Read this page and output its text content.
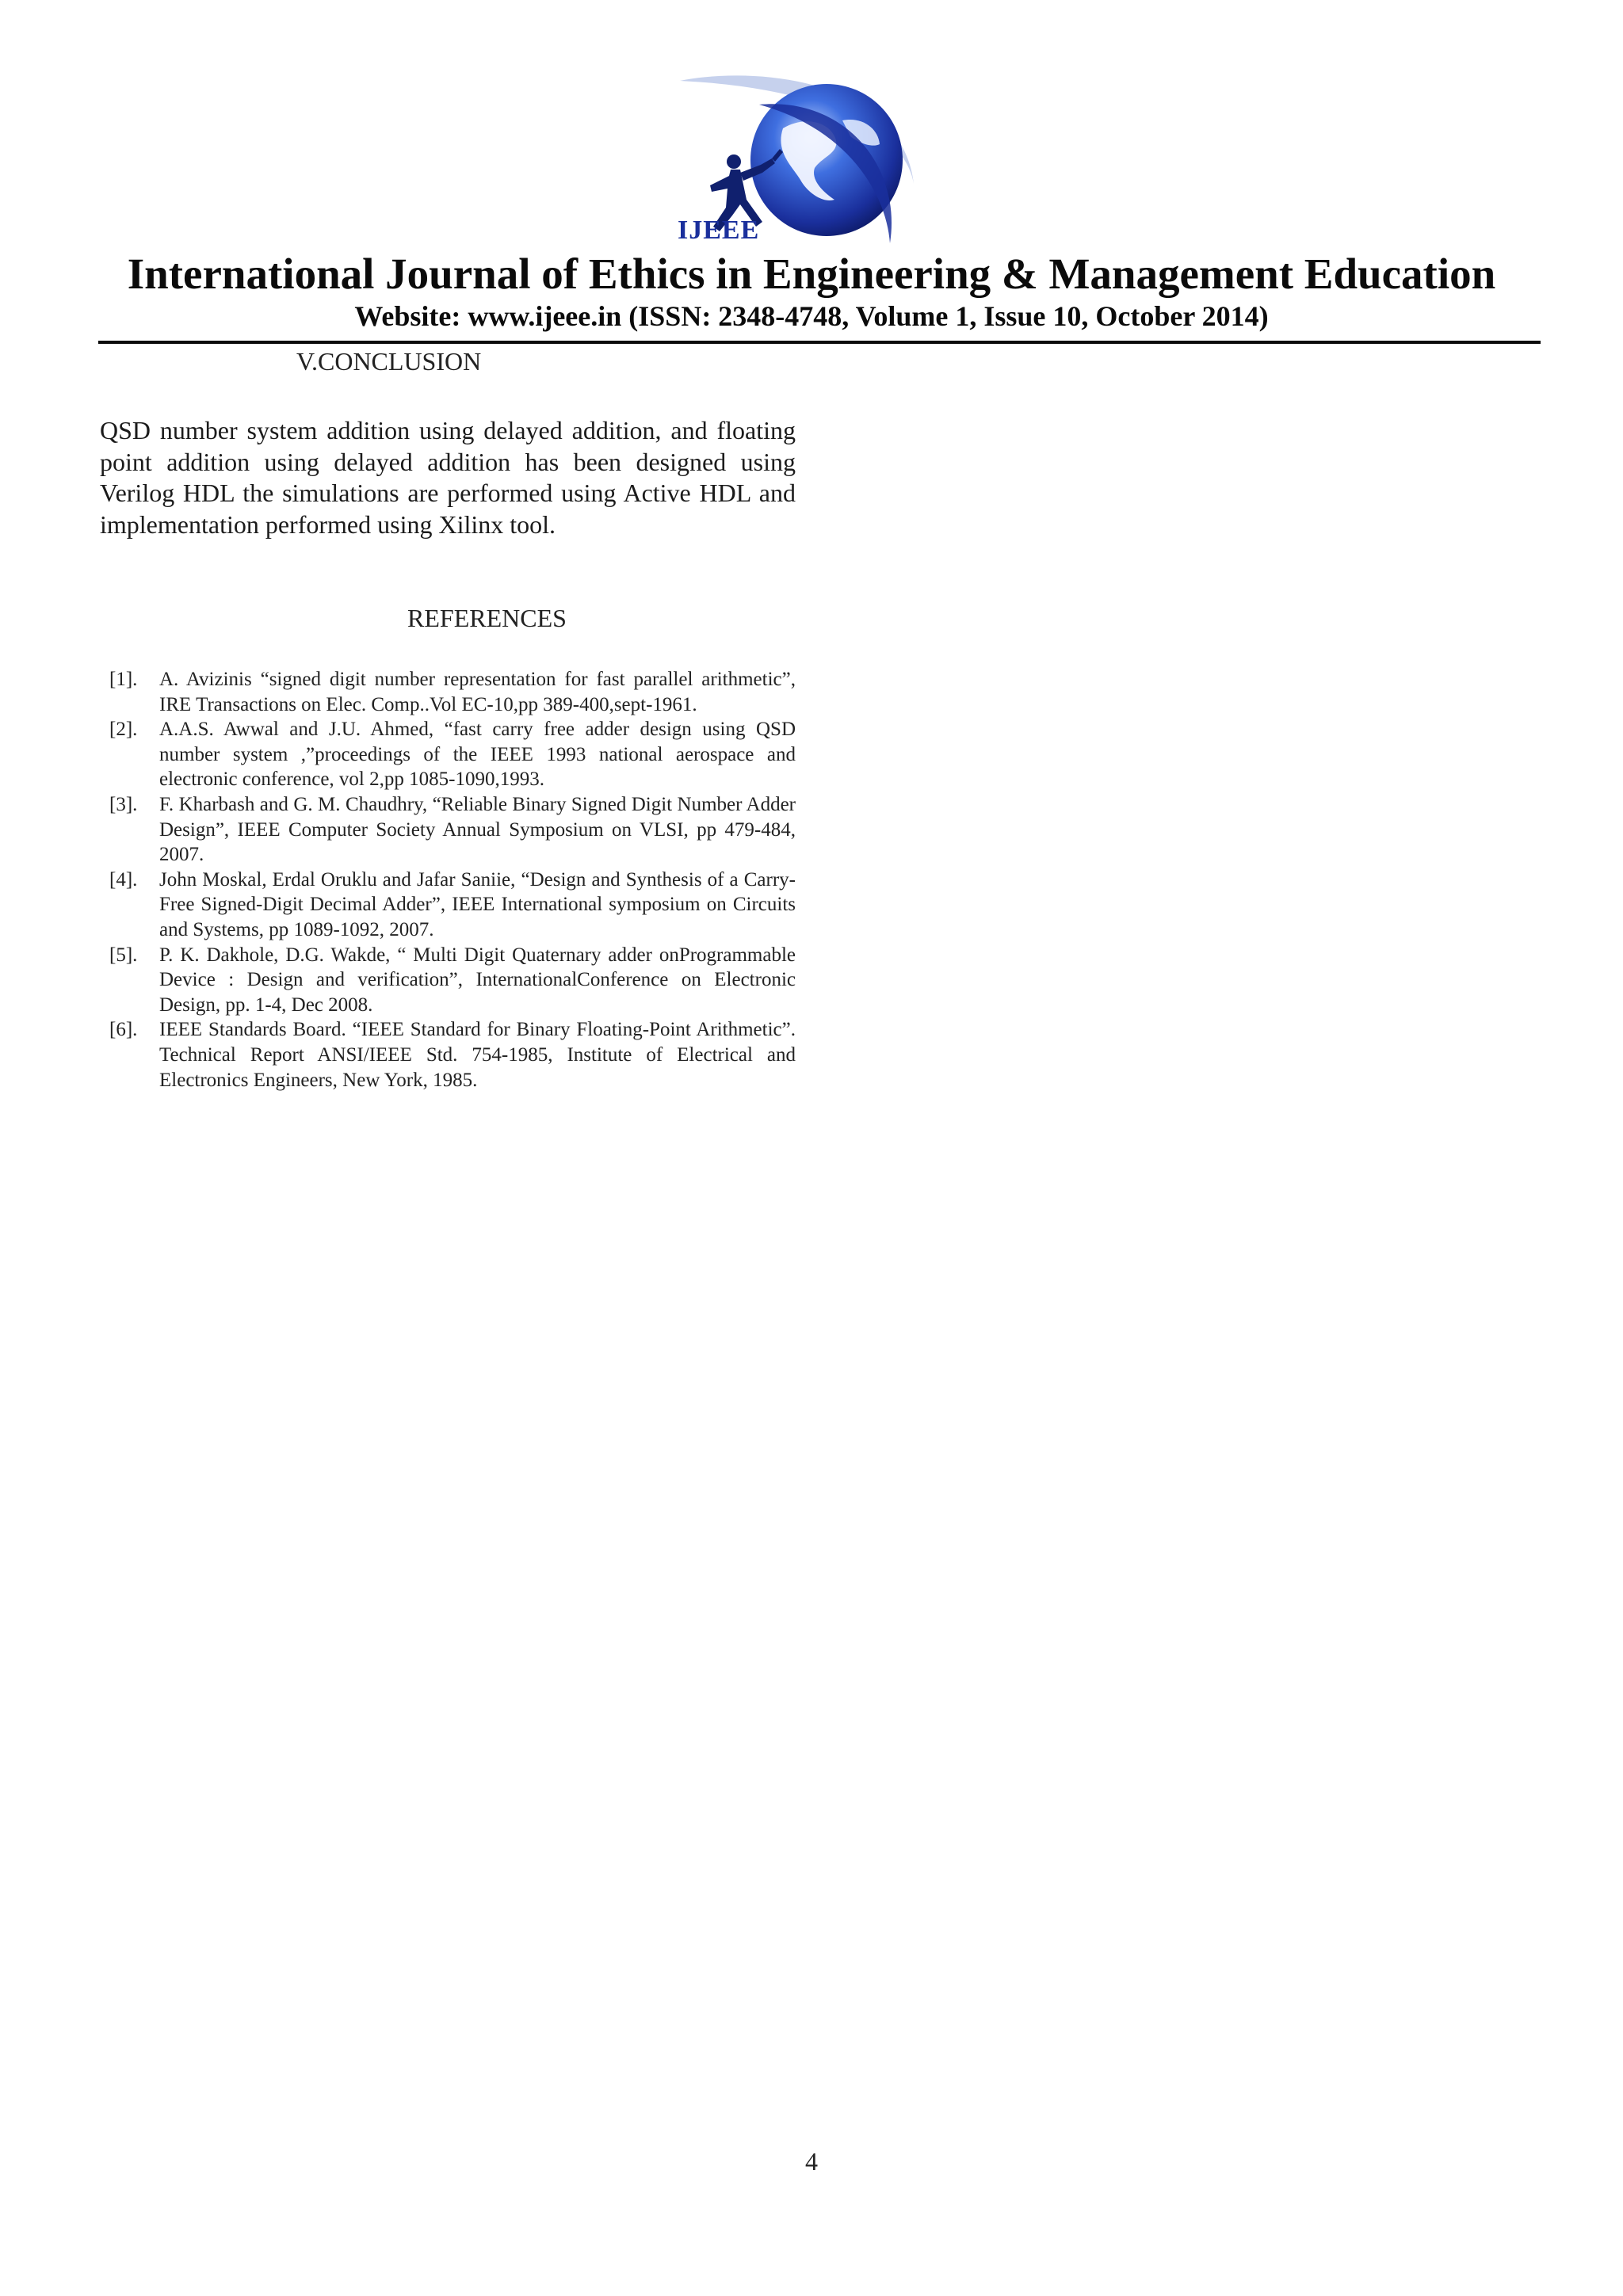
IJEEE
International Journal of Ethics in Engineering & Management Education
Website: www.ijeee.in (ISSN: 2348-4748, Volume 1, Issue 10, October 2014)
V.CONCLUSION
QSD number system addition using delayed addition, and floating point addition using delayed addition has been designed using Verilog HDL the simulations are performed using Active HDL and implementation performed using Xilinx tool.
REFERENCES
[1].	A. Avizinis “signed digit number representation for fast parallel arithmetic”, IRE Transactions on Elec. Comp..Vol EC-10,pp 389-400,sept-1961.
[2].	A.A.S. Awwal and J.U. Ahmed, “fast carry free adder design using QSD number system ,”proceedings of the IEEE 1993 national aerospace and electronic conference, vol 2,pp 1085-1090,1993.
[3].	F. Kharbash and G. M. Chaudhry, “Reliable Binary Signed Digit Number Adder Design”, IEEE Computer Society Annual Symposium on VLSI, pp 479-484, 2007.
[4].	John Moskal, Erdal Oruklu and Jafar Saniie, “Design and Synthesis of a Carry-Free Signed-Digit Decimal Adder”, IEEE International symposium on Circuits and Systems, pp 1089-1092, 2007.
[5].	P. K. Dakhole, D.G. Wakde, “ Multi Digit Quaternary adder onProgrammable Device : Design and verification”, InternationalConference on Electronic Design, pp. 1-4, Dec 2008.
[6].	IEEE Standards Board. “IEEE Standard for Binary Floating-Point Arithmetic”. Technical Report ANSI/IEEE Std. 754-1985, Institute of Electrical and Electronics Engineers, New York, 1985.
4
